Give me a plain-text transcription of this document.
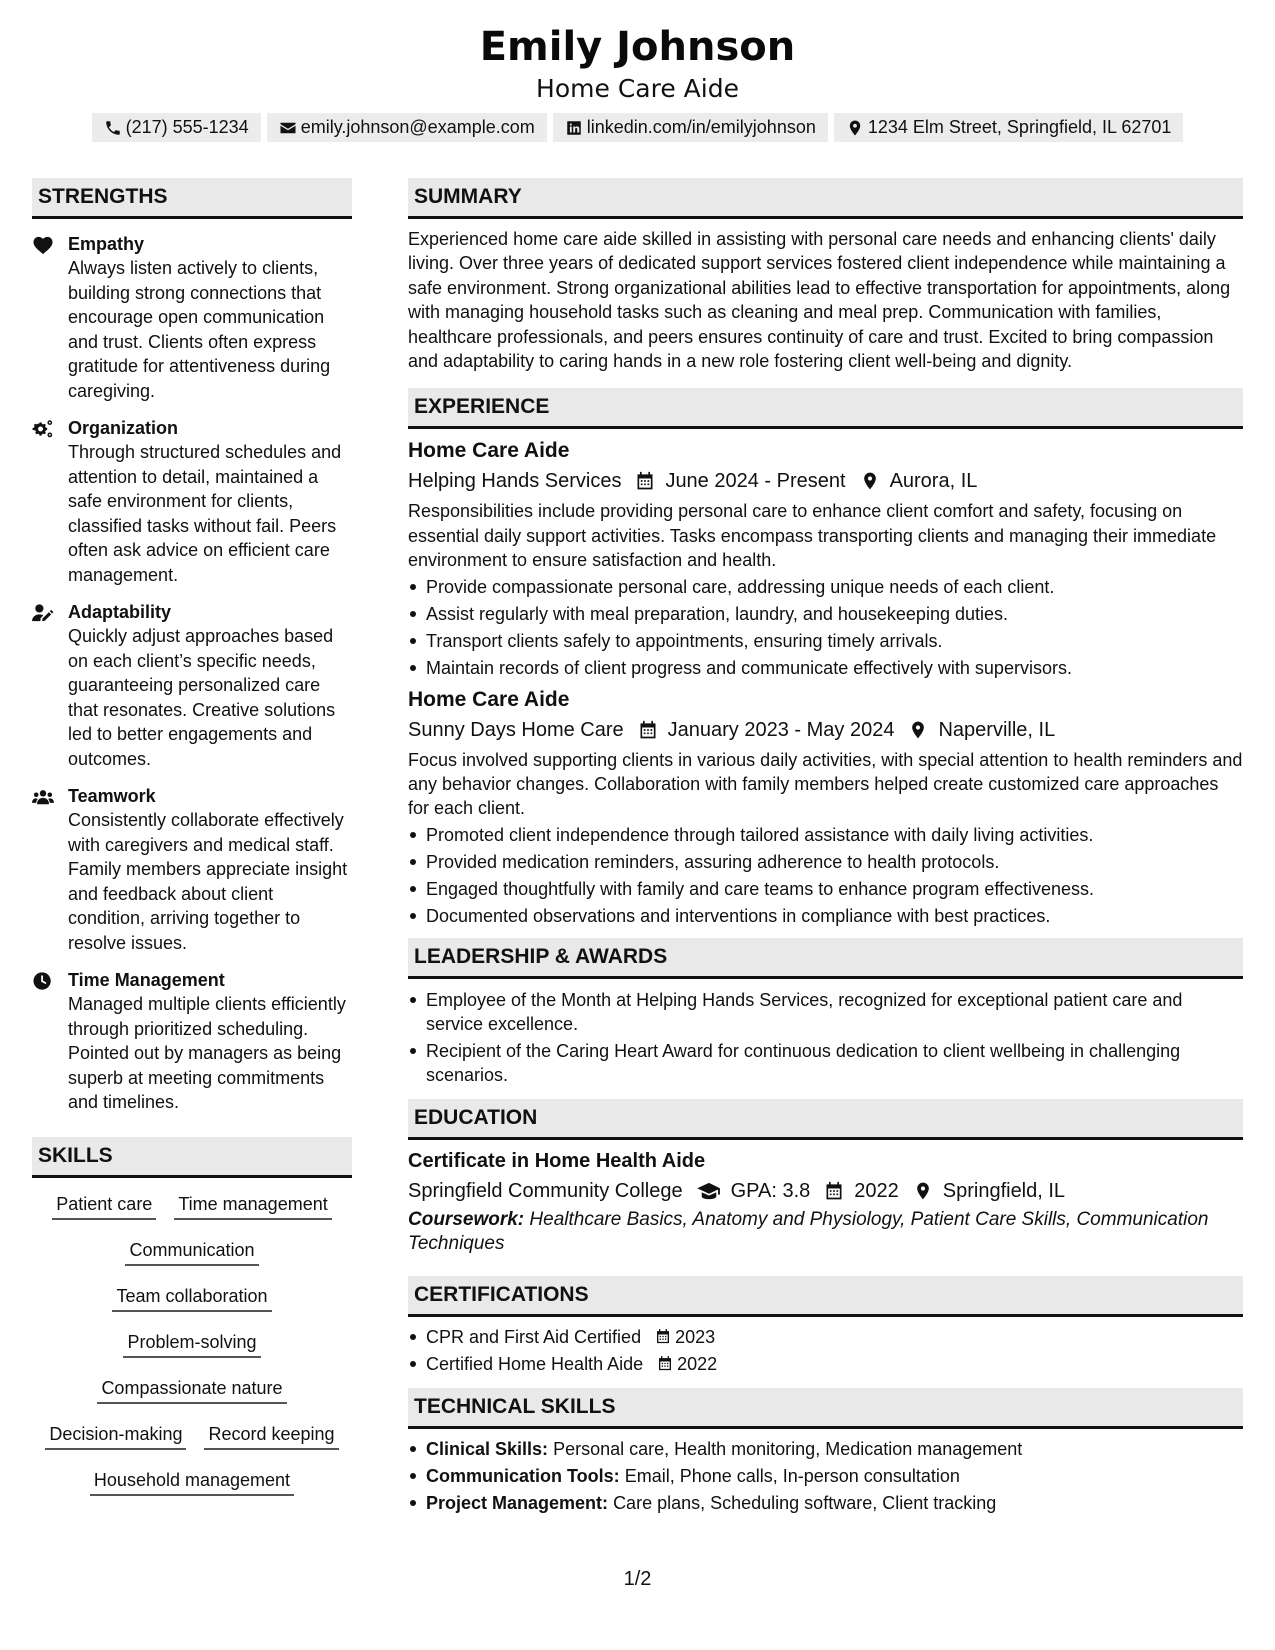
Emily Johnson
Home Care Aide
(217) 555-1234	emily.johnson@example.com	linkedin.com/in/emilyjohnson	1234 Elm Street, Springfield, IL 62701
STRENGTHS
Empathy
Always listen actively to clients, building strong connections that encourage open communication and trust. Clients often express gratitude for attentiveness during caregiving.
Organization
Through structured schedules and attention to detail, maintained a safe environment for clients, classified tasks without fail. Peers often ask advice on efficient care management.
Adaptability
Quickly adjust approaches based on each client’s specific needs, guaranteeing personalized care that resonates. Creative solutions led to better engagements and outcomes.
Teamwork
Consistently collaborate effectively with caregivers and medical staff. Family members appreciate insight and feedback about client condition, arriving together to resolve issues.
Time Management
Managed multiple clients efficiently through prioritized scheduling. Pointed out by managers as being superb at meeting commitments and timelines.
SKILLS
Patient care Time management
Communication
Team collaboration
Problem-solving
Compassionate nature
Decision-making Record keeping
Household management
SUMMARY
Experienced home care aide skilled in assisting with personal care needs and enhancing clients' daily living. Over three years of dedicated support services fostered client independence while maintaining a safe environment. Strong organizational abilities lead to effective transportation for appointments, along with managing household tasks such as cleaning and meal prep. Communication with families, healthcare professionals, and peers ensures continuity of care and trust. Excited to bring compassion and adaptability to caring hands in a new role fostering client well-being and dignity.
EXPERIENCE
Home Care Aide
Helping Hands Services June 2024 - Present Aurora, IL
Responsibilities include providing personal care to enhance client comfort and safety, focusing on essential daily support activities. Tasks encompass transporting clients and managing their immediate environment to ensure satisfaction and health.
Provide compassionate personal care, addressing unique needs of each client.
Assist regularly with meal preparation, laundry, and housekeeping duties.
Transport clients safely to appointments, ensuring timely arrivals.
Maintain records of client progress and communicate effectively with supervisors.
Home Care Aide
Sunny Days Home Care January 2023 - May 2024 Naperville, IL
Focus involved supporting clients in various daily activities, with special attention to health reminders and any behavior changes. Collaboration with family members helped create customized care approaches for each client.
Promoted client independence through tailored assistance with daily living activities.
Provided medication reminders, assuring adherence to health protocols.
Engaged thoughtfully with family and care teams to enhance program effectiveness.
Documented observations and interventions in compliance with best practices.
LEADERSHIP & AWARDS
Employee of the Month at Helping Hands Services, recognized for exceptional patient care and service excellence.
Recipient of the Caring Heart Award for continuous dedication to client wellbeing in challenging scenarios.
EDUCATION
Certificate in Home Health Aide
Springfield Community College GPA: 3.8 2022 Springfield, IL
Coursework: Healthcare Basics, Anatomy and Physiology, Patient Care Skills, Communication Techniques
CERTIFICATIONS
CPR and First Aid Certified 2023
Certified Home Health Aide 2022
TECHNICAL SKILLS
Clinical Skills: Personal care, Health monitoring, Medication management
Communication Tools: Email, Phone calls, In-person consultation
Project Management: Care plans, Scheduling software, Client tracking
1/2
